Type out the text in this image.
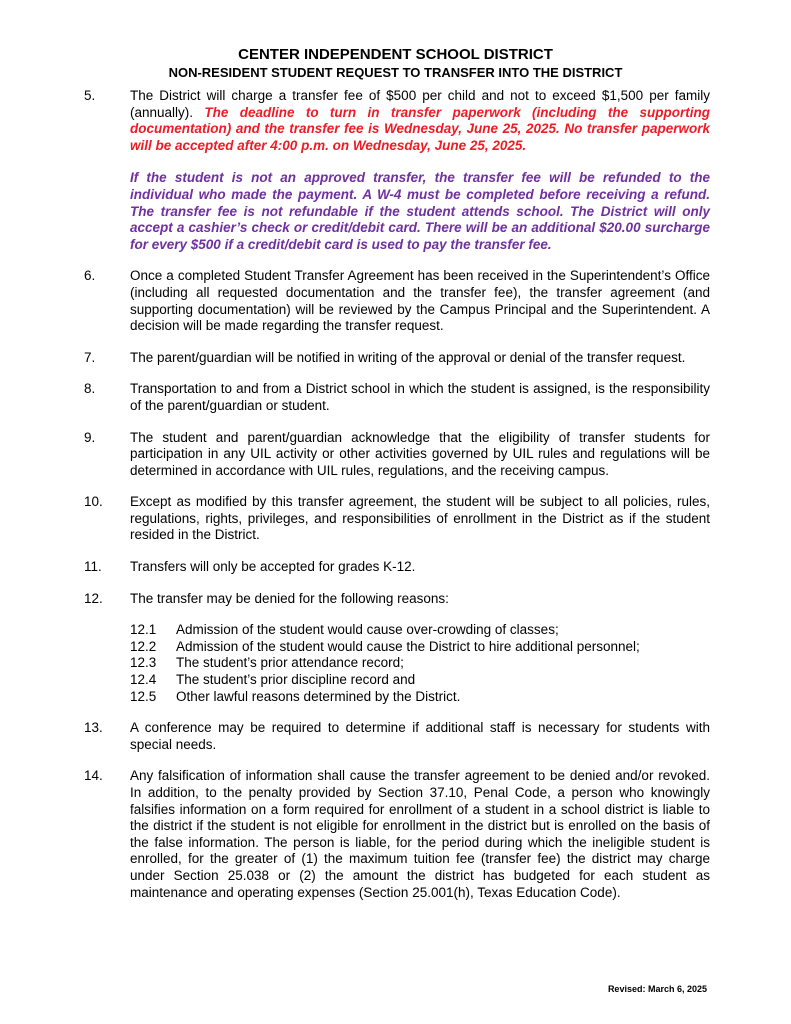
CENTER INDEPENDENT SCHOOL DISTRICT
NON-RESIDENT STUDENT REQUEST TO TRANSFER INTO THE DISTRICT
5.	The District will charge a transfer fee of $500 per child and not to exceed $1,500 per family (annually). The deadline to turn in transfer paperwork (including the supporting documentation) and the transfer fee is Wednesday, June 25, 2025. No transfer paperwork will be accepted after 4:00 p.m. on Wednesday, June 25, 2025.
If the student is not an approved transfer, the transfer fee will be refunded to the individual who made the payment. A W-4 must be completed before receiving a refund. The transfer fee is not refundable if the student attends school. The District will only accept a cashier’s check or credit/debit card. There will be an additional $20.00 surcharge for every $500 if a credit/debit card is used to pay the transfer fee.
6.	Once a completed Student Transfer Agreement has been received in the Superintendent’s Office (including all requested documentation and the transfer fee), the transfer agreement (and supporting documentation) will be reviewed by the Campus Principal and the Superintendent. A decision will be made regarding the transfer request.
7.	The parent/guardian will be notified in writing of the approval or denial of the transfer request.
8.	Transportation to and from a District school in which the student is assigned, is the responsibility of the parent/guardian or student.
9.	The student and parent/guardian acknowledge that the eligibility of transfer students for participation in any UIL activity or other activities governed by UIL rules and regulations will be determined in accordance with UIL rules, regulations, and the receiving campus.
10.	Except as modified by this transfer agreement, the student will be subject to all policies, rules, regulations, rights, privileges, and responsibilities of enrollment in the District as if the student resided in the District.
11.	Transfers will only be accepted for grades K-12.
12.	The transfer may be denied for the following reasons:
12.1	Admission of the student would cause over-crowding of classes;
12.2	Admission of the student would cause the District to hire additional personnel;
12.3	The student’s prior attendance record;
12.4	The student’s prior discipline record and
12.5	Other lawful reasons determined by the District.
13.	A conference may be required to determine if additional staff is necessary for students with special needs.
14.	Any falsification of information shall cause the transfer agreement to be denied and/or revoked. In addition, to the penalty provided by Section 37.10, Penal Code, a person who knowingly falsifies information on a form required for enrollment of a student in a school district is liable to the district if the student is not eligible for enrollment in the district but is enrolled on the basis of the false information. The person is liable, for the period during which the ineligible student is enrolled, for the greater of (1) the maximum tuition fee (transfer fee) the district may charge under Section 25.038 or (2) the amount the district has budgeted for each student as maintenance and operating expenses (Section 25.001(h), Texas Education Code).
Revised: March 6, 2025
